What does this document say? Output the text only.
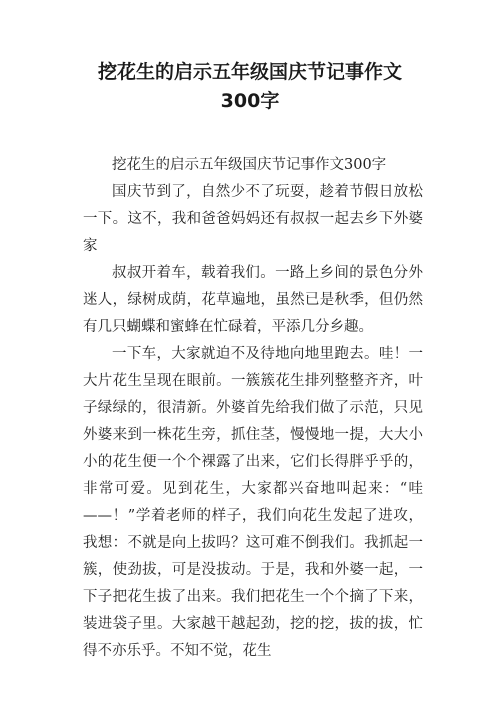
挖花生的启示五年级国庆节记事作文
300字

挖花生的启示五年级国庆节记事作文300字

国庆节到了，自然少不了玩耍，趁着节假日放松一下。这不，我和爸爸妈妈还有叔叔一起去乡下外婆家

叔叔开着车，载着我们。一路上乡间的景色分外迷人，绿树成荫，花草遍地，虽然已是秋季，但仍然有几只蝴蝶和蜜蜂在忙碌着，平添几分乡趣。

一下车，大家就迫不及待地向地里跑去。哇！一大片花生呈现在眼前。一簇簇花生排列整整齐齐，叶子绿绿的，很清新。外婆首先给我们做了示范，只见外婆来到一株花生旁，抓住茎，慢慢地一提，大大小小的花生便一个个裸露了出来，它们长得胖乎乎的，非常可爱。见到花生，大家都兴奋地叫起来：“哇——！”学着老师的样子，我们向花生发起了进攻，我想：不就是向上拔吗？这可难不倒我们。我抓起一簇，使劲拔，可是没拔动。于是，我和外婆一起，一下子把花生拔了出来。我们把花生一个个摘了下来，装进袋子里。大家越干越起劲，挖的挖，拔的拔，忙得不亦乐乎。不知不觉，花生
